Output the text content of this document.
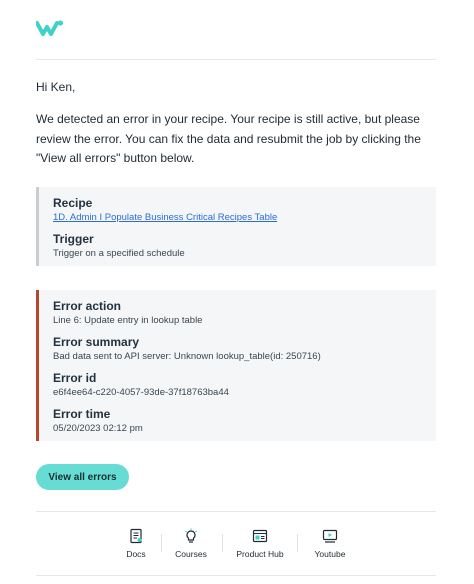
Hi Ken,
We detected an error in your recipe. Your recipe is still active, but please review the error. You can fix the data and resubmit the job by clicking the "View all errors" button below.
Recipe
1D. Admin I Populate Business Critical Recipes Table
Trigger
Trigger on a specified schedule
Error action
Line 6: Update entry in lookup table
Error summary
Bad data sent to API server: Unknown lookup_table(id: 250716)
Error id
e6f4ee64-c220-4057-93de-37f18763ba44
Error time
05/20/2023 02:12 pm
View all errors
Docs	Courses	Product Hub	Youtube
